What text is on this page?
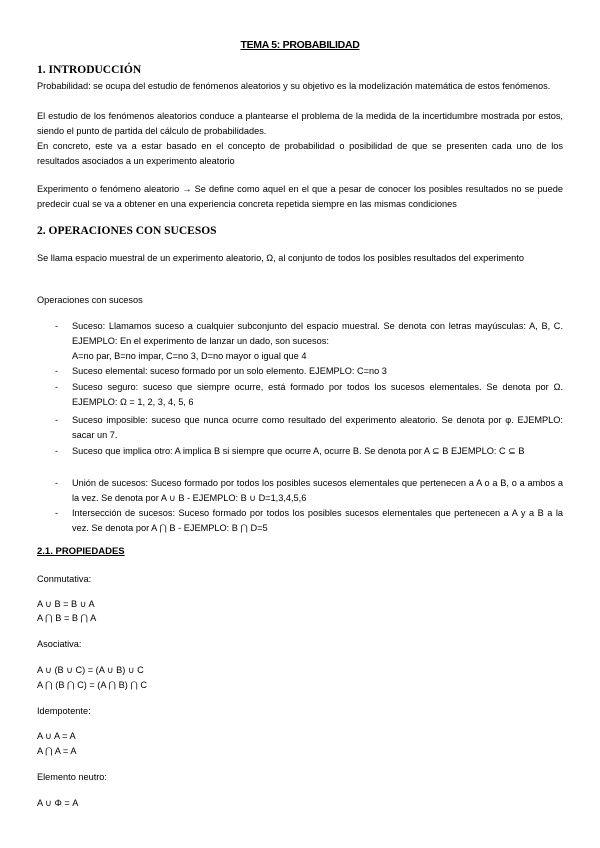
TEMA 5: PROBABILIDAD
1. INTRODUCCIÓN

Probabilidad: se ocupa del estudio de fenómenos aleatorios y su objetivo es la modelización matemática de estos fenómenos.

El estudio de los fenómenos aleatorios conduce a plantearse el problema de la medida de la incertidumbre mostrada por estos, siendo el punto de partida del cálculo de probabilidades.

En concreto, este va a estar basado en el concepto de probabilidad o posibilidad de que se presenten cada uno de los resultados asociados a un experimento aleatorio

Experimento o fenómeno aleatorio → Se define como aquel en el que a pesar de conocer los posibles resultados no se puede predecir cual se va a obtener en una experiencia concreta repetida siempre en las mismas condiciones

2. OPERACIONES CON SUCESOS

Se llama espacio muestral de un experimento aleatorio, Ω, al conjunto de todos los posibles resultados del experimento

Operaciones con sucesos

- Suceso: Llamamos suceso a cualquier subconjunto del espacio muestral. Se denota con letras mayúsculas: A, B, C. EJEMPLO: En el experimento de lanzar un dado, son sucesos:

A=no par, B=no impar, C=no 3, D=no mayor o igual que 4

- Suceso elemental: suceso formado por un solo elemento. EJEMPLO: C=no 3

- Suceso seguro: suceso que siempre ocurre, está formado por todos los sucesos elementales. Se denota por Ω. EJEMPLO: Ω = 1, 2, 3, 4, 5, 6

- Suceso imposible: suceso que nunca ocurre como resultado del experimento aleatorio. Se denota por φ. EJEMPLO: sacar un 7.

- Suceso que implica otro: A implica B si siempre que ocurre A, ocurre B. Se denota por A ⊆ B EJEMPLO: C ⊆ B

- Unión de sucesos: Suceso formado por todos los posibles sucesos elementales que pertenecen a A o a B, o a ambos a la vez. Se denota por A ∪ B - EJEMPLO: B ∪ D=1,3,4,5,6

- Intersección de sucesos: Suceso formado por todos los posibles sucesos elementales que pertenecen a A y a B a la vez. Se denota por A ⋂ B - EJEMPLO: B ⋂ D=5

2.1. PROPIEDADES
Conmutativa:
A ∪ B = B ∪ A
A ⋂ B = B ⋂ A
Asociativa:
A ∪ (B ∪ C) = (A ∪ B) ∪ C
A ⋂ (B ⋂ C) = (A ⋂ B) ⋂ C
Idempotente:
A ∪ A = A
A ⋂ A = A
Elemento neutro:
A ∪ Φ = A
